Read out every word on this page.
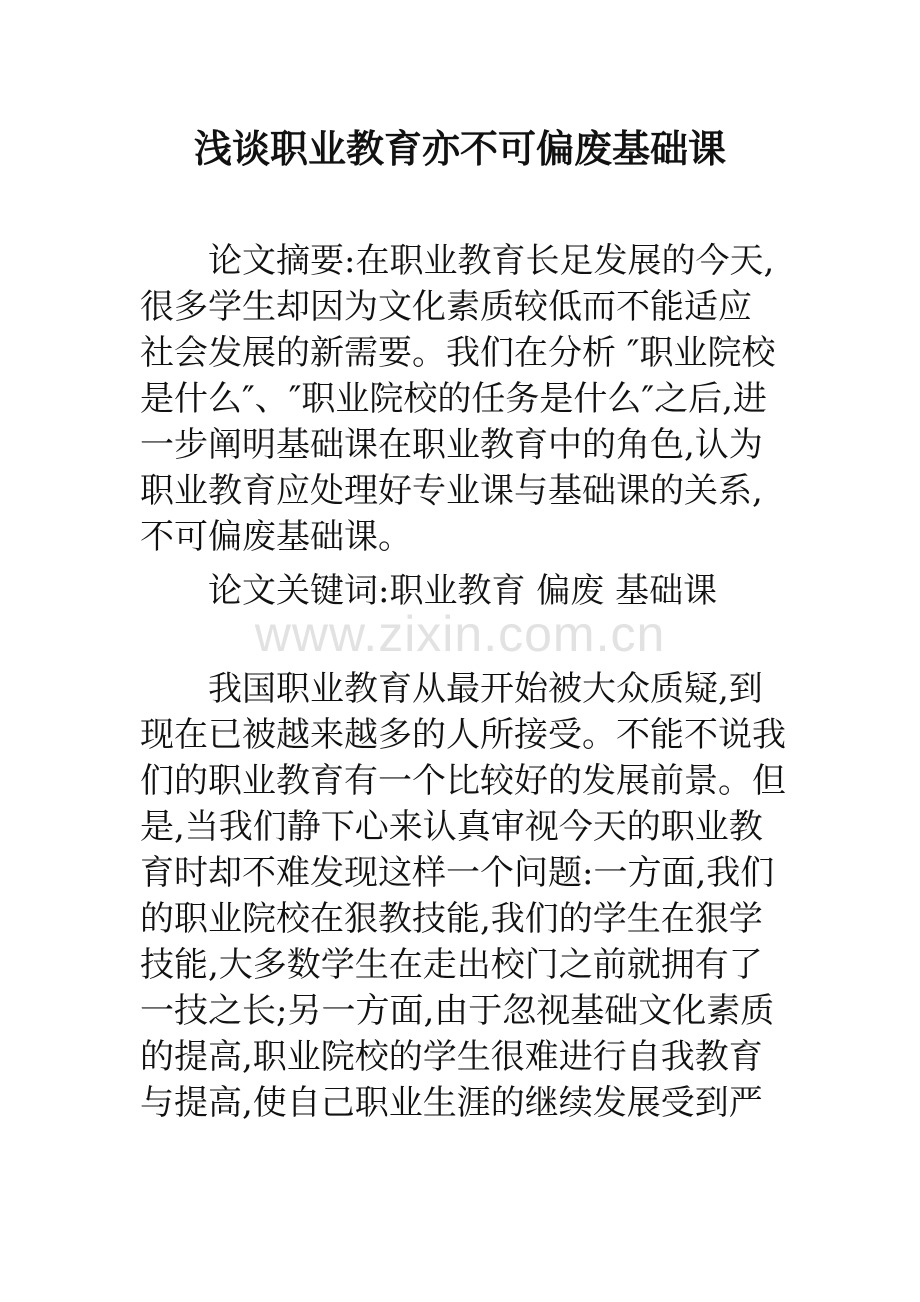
浅谈职业教育亦不可偏废基础课
论文摘要:在职业教育长足发展的今天,
很多学生却因为文化素质较低而不能适应
社会发展的新需要。我们在分析 ″职业院校
是什么″、″职业院校的任务是什么″之后,进
一步阐明基础课在职业教育中的角色,认为
职业教育应处理好专业课与基础课的关系,
不可偏废基础课。
论文关键词:职业教育 偏废 基础课
www.zixin.com.cn
我国职业教育从最开始被大众质疑,到
现在已被越来越多的人所接受。不能不说我
们的职业教育有一个比较好的发展前景。但
是,当我们静下心来认真审视今天的职业教
育时却不难发现这样一个问题:一方面,我们
的职业院校在狠教技能,我们的学生在狠学
技能,大多数学生在走出校门之前就拥有了
一技之长;另一方面,由于忽视基础文化素质
的提高,职业院校的学生很难进行自我教育
与提高,使自己职业生涯的继续发展受到严
